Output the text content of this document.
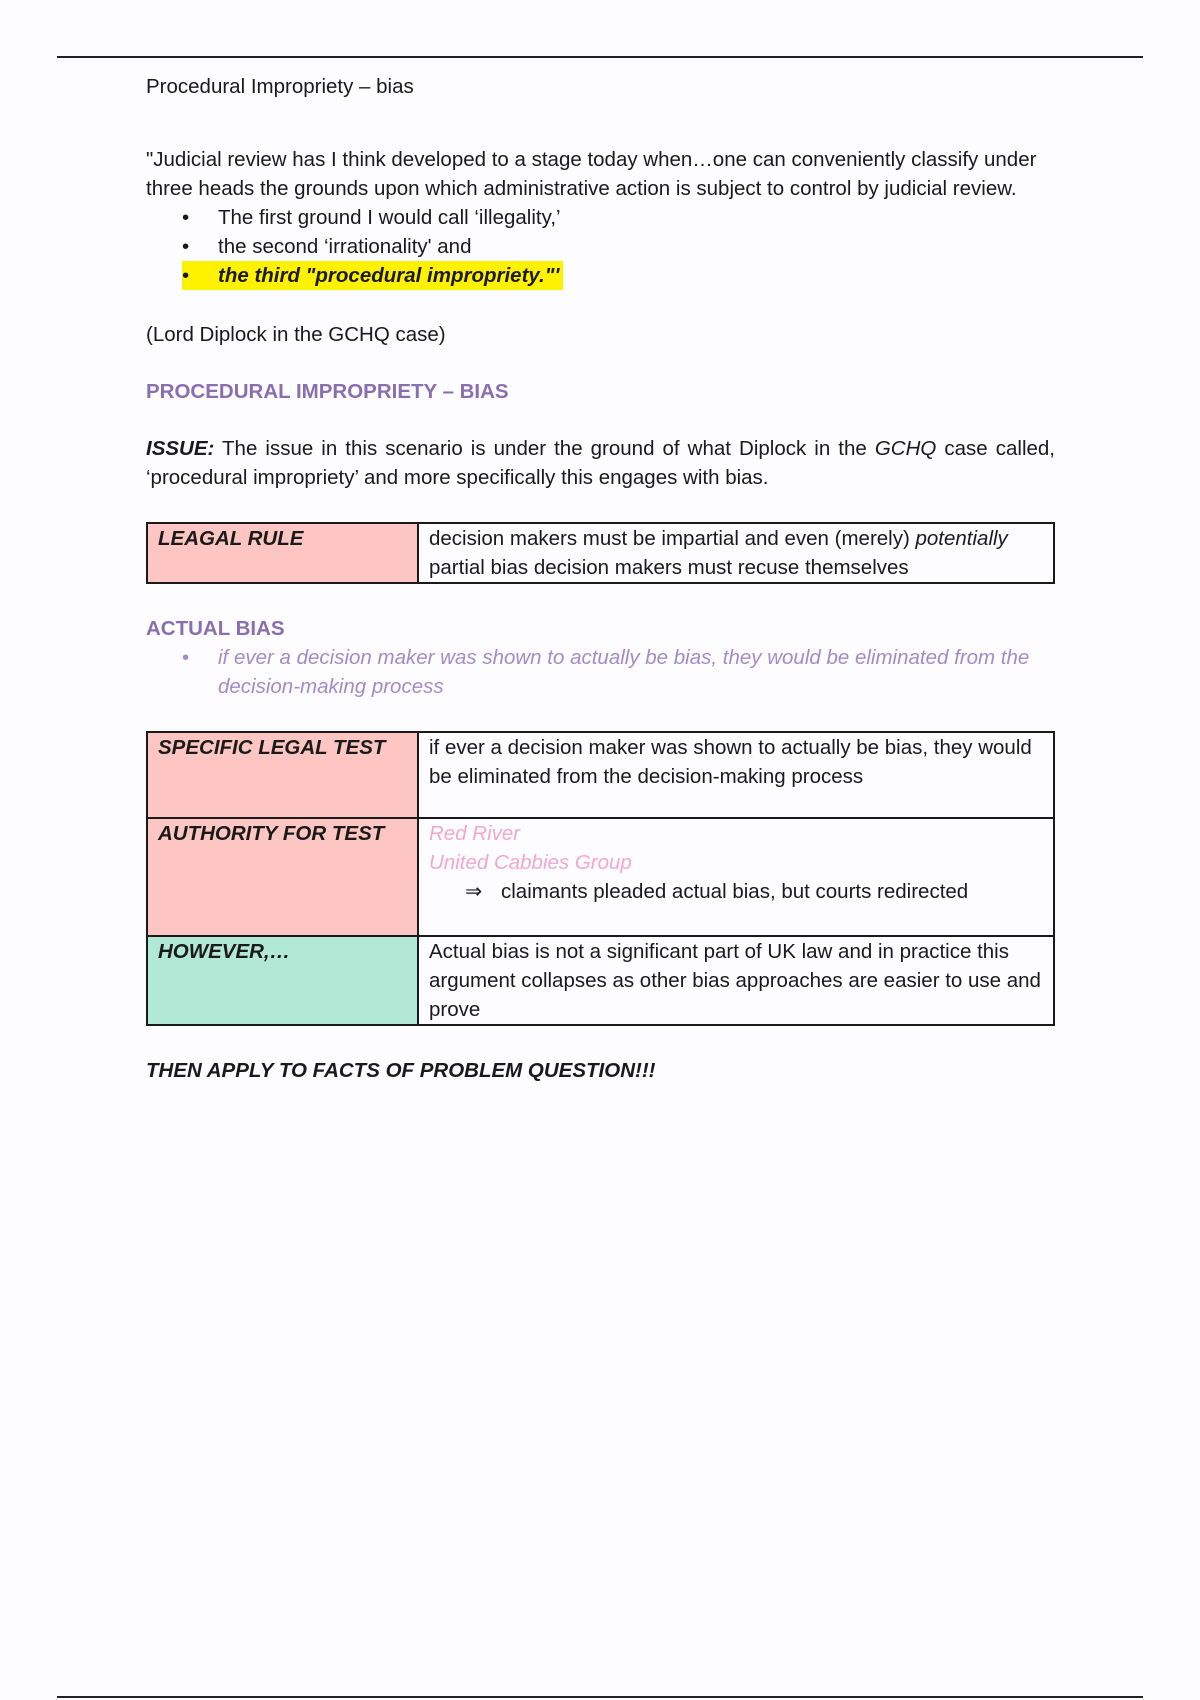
Procedural Impropriety – bias

"Judicial review has I think developed to a stage today when…one can conveniently classify under three heads the grounds upon which administrative action is subject to control by judicial review.

• The first ground I would call ‘illegality,’
• the second ‘irrationality' and
• the third "procedural impropriety."'

(Lord Diplock in the GCHQ case)

PROCEDURAL IMPROPRIETY – BIAS

ISSUE: The issue in this scenario is under the ground of what Diplock in the GCHQ case called, ‘procedural impropriety’ and more specifically this engages with bias.

LEAGAL RULE	decision makers must be impartial and even (merely) potentially partial bias decision makers must recuse themselves

ACTUAL BIAS

• if ever a decision maker was shown to actually be bias, they would be eliminated from the decision-making process
SPECIFIC LEGAL TEST	if ever a decision maker was shown to actually be bias, they would be eliminated from the decision-making process
AUTHORITY FOR TEST	Red River
United Cabbies Group
⇒ claimants pleaded actual bias, but courts redirected

HOWEVER,…	Actual bias is not a significant part of UK law and in practice this argument collapses as other bias approaches are easier to use and prove

THEN APPLY TO FACTS OF PROBLEM QUESTION!!!
